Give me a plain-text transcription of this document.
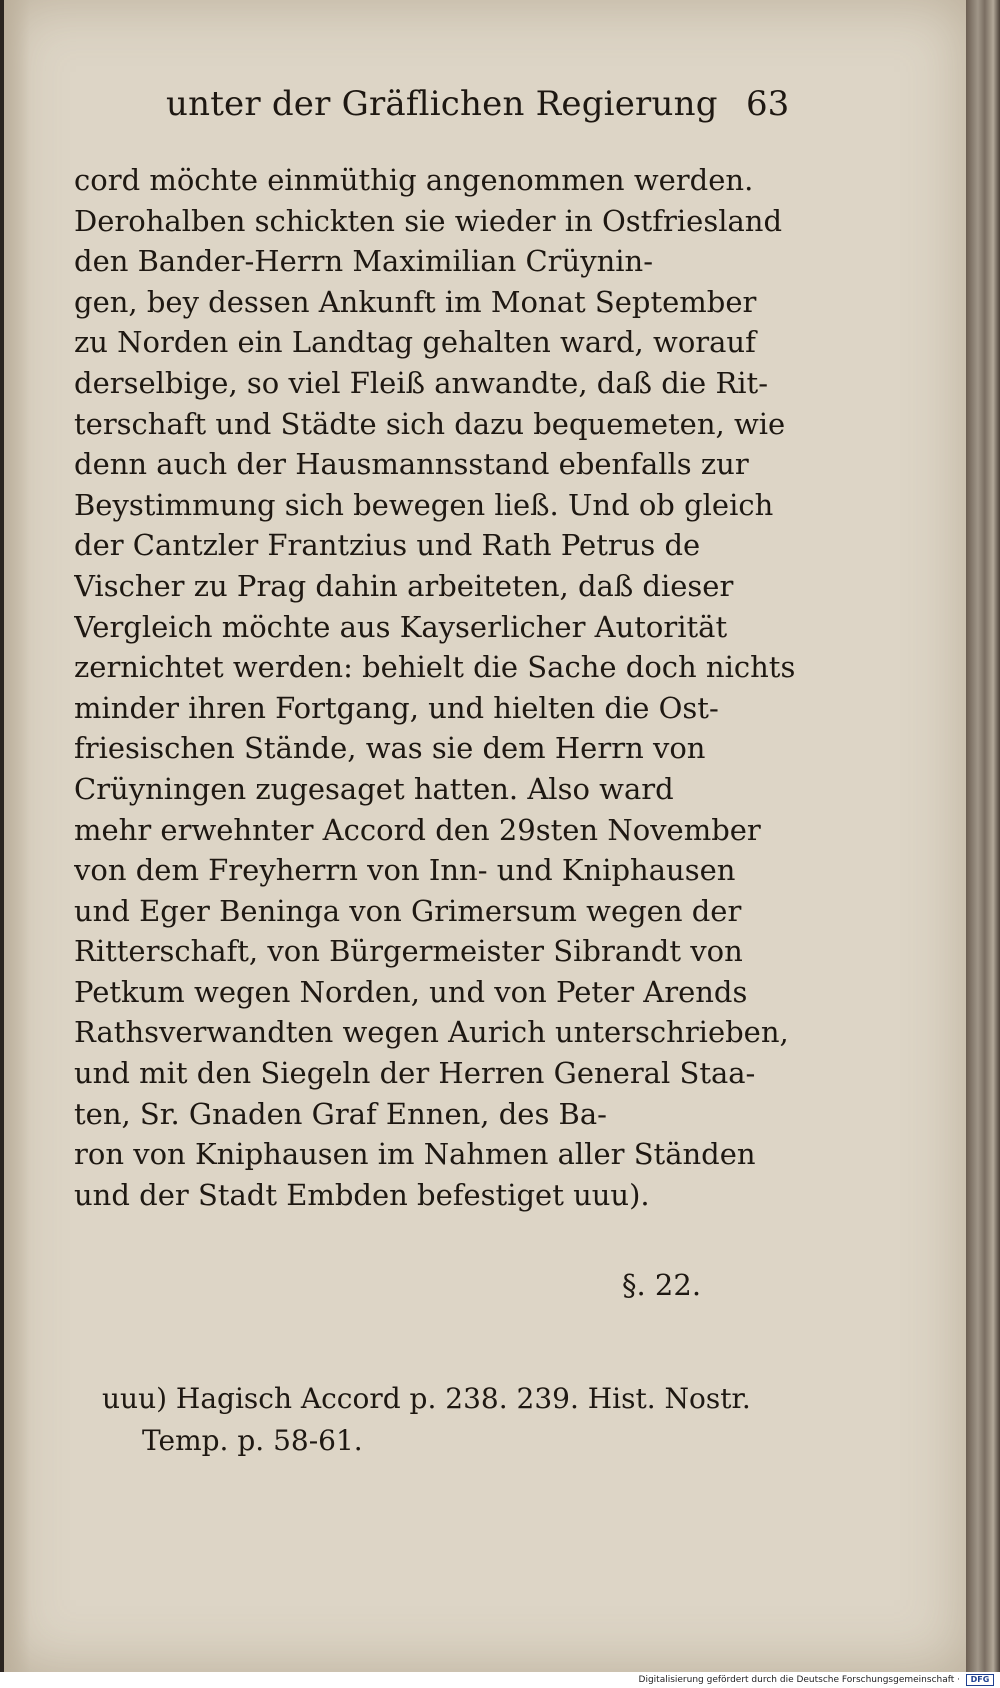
unter der Gräflichen Regierung 63
cord möchte einmüthig angenommen werden.
Derohalben schickten sie wieder in Ostfriesland
den Bander-Herrn Maximilian Crüynin-
gen, bey dessen Ankunft im Monat September
zu Norden ein Landtag gehalten ward, worauf
derselbige, so viel Fleiß anwandte, daß die Rit-
terschaft und Städte sich dazu bequemeten, wie
denn auch der Hausmannsstand ebenfalls zur
Beystimmung sich bewegen ließ. Und ob gleich
der Cantzler Frantzius und Rath Petrus de
Vischer zu Prag dahin arbeiteten, daß dieser
Vergleich möchte aus Kayserlicher Autorität
zernichtet werden: behielt die Sache doch nichts
minder ihren Fortgang, und hielten die Ost-
friesischen Stände, was sie dem Herrn von
Crüyningen zugesaget hatten. Also ward
mehr erwehnter Accord den 29sten November
von dem Freyherrn von Inn- und Kniphausen
und Eger Beninga von Grimersum wegen der
Ritterschaft, von Bürgermeister Sibrandt von
Petkum wegen Norden, und von Peter Arends
Rathsverwandten wegen Aurich unterschrieben,
und mit den Siegeln der Herren General Staa-
ten, Sr. Gnaden Graf Ennen, des Ba-
ron von Kniphausen im Nahmen aller Ständen
und der Stadt Embden befestiget uuu).
§. 22.
uuu) Hagisch Accord p. 238. 239. Hist. Nostr.
Temp. p. 58-61.
Digitalisierung gefördert durch die Deutsche Forschungsgemeinschaft ·	DFG
